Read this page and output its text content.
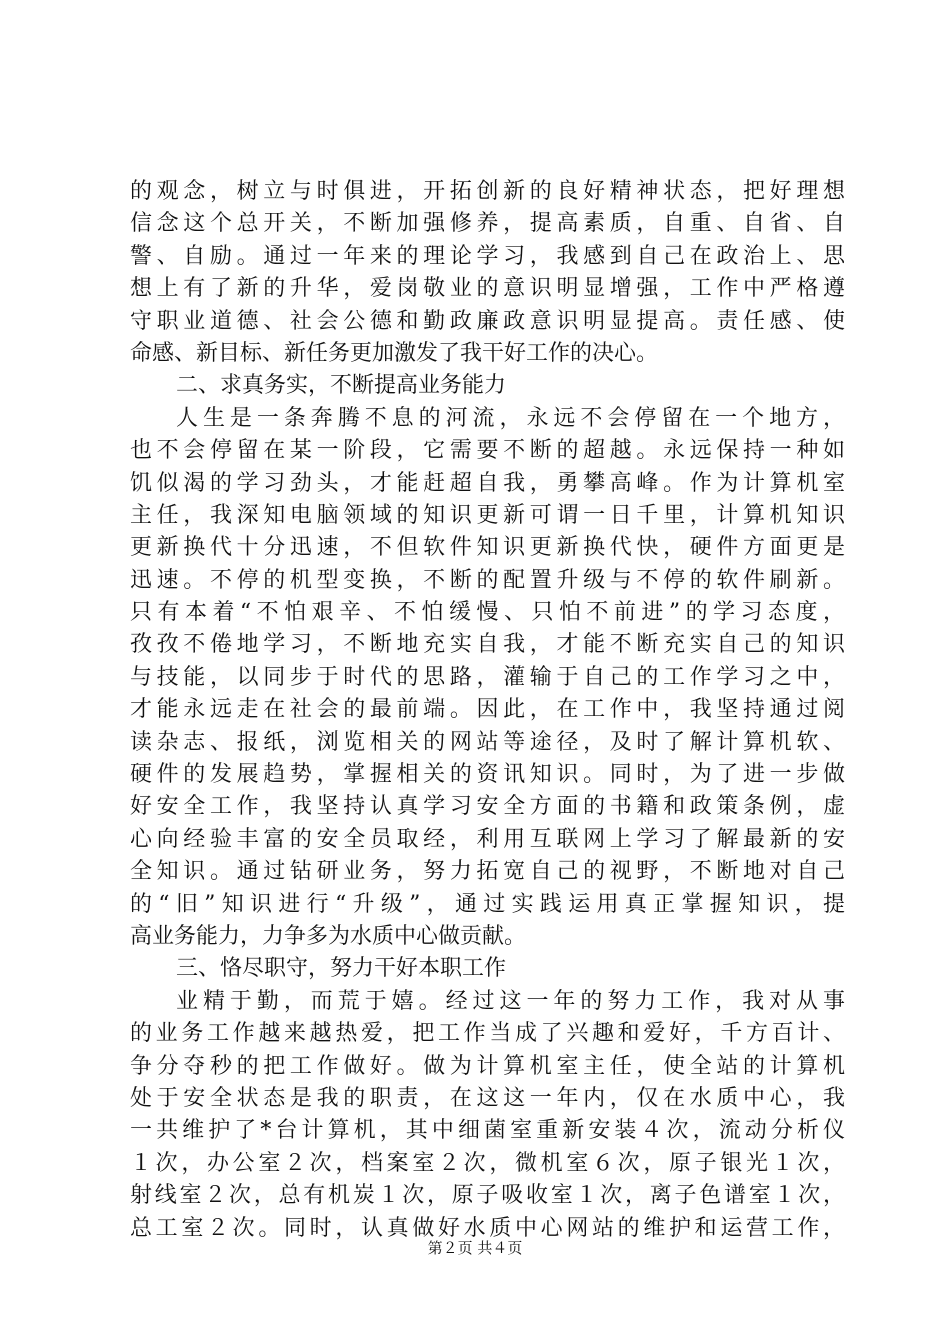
的观念，树立与时俱进，开拓创新的良好精神状态，把好理想
信念这个总开关，不断加强修养，提高素质，自重、自省、自
警、自励。通过一年来的理论学习，我感到自己在政治上、思
想上有了新的升华，爱岗敬业的意识明显增强，工作中严格遵
守职业道德、社会公德和勤政廉政意识明显提高。责任感、使
命感、新目标、新任务更加激发了我干好工作的决心。
二、求真务实，不断提高业务能力
人生是一条奔腾不息的河流，永远不会停留在一个地方，
也不会停留在某一阶段，它需要不断的超越。永远保持一种如
饥似渴的学习劲头，才能赶超自我，勇攀高峰。作为计算机室
主任，我深知电脑领域的知识更新可谓一日千里，计算机知识
更新换代十分迅速，不但软件知识更新换代快，硬件方面更是
迅速。不停的机型变换，不断的配置升级与不停的软件刷新。
只有本着“不怕艰辛、不怕缓慢、只怕不前进”的学习态度，
孜孜不倦地学习，不断地充实自我，才能不断充实自己的知识
与技能，以同步于时代的思路，灌输于自己的工作学习之中，
才能永远走在社会的最前端。因此，在工作中，我坚持通过阅
读杂志、报纸，浏览相关的网站等途径，及时了解计算机软、
硬件的发展趋势，掌握相关的资讯知识。同时，为了进一步做
好安全工作，我坚持认真学习安全方面的书籍和政策条例，虚
心向经验丰富的安全员取经，利用互联网上学习了解最新的安
全知识。通过钻研业务，努力拓宽自己的视野，不断地对自己
的“旧”知识进行“升级”，通过实践运用真正掌握知识，提
高业务能力，力争多为水质中心做贡献。
三、恪尽职守，努力干好本职工作
业精于勤，而荒于嬉。经过这一年的努力工作，我对从事
的业务工作越来越热爱，把工作当成了兴趣和爱好，千方百计、
争分夺秒的把工作做好。做为计算机室主任，使全站的计算机
处于安全状态是我的职责，在这这一年内，仅在水质中心，我
一共维护了*台计算机，其中细菌室重新安装４次，流动分析仪
１次，办公室２次，档案室２次，微机室６次，原子银光１次，
射线室２次，总有机炭１次，原子吸收室１次，离子色谱室１次，
总工室２次。同时，认真做好水质中心网站的维护和运营工作，
第２页 共４页
